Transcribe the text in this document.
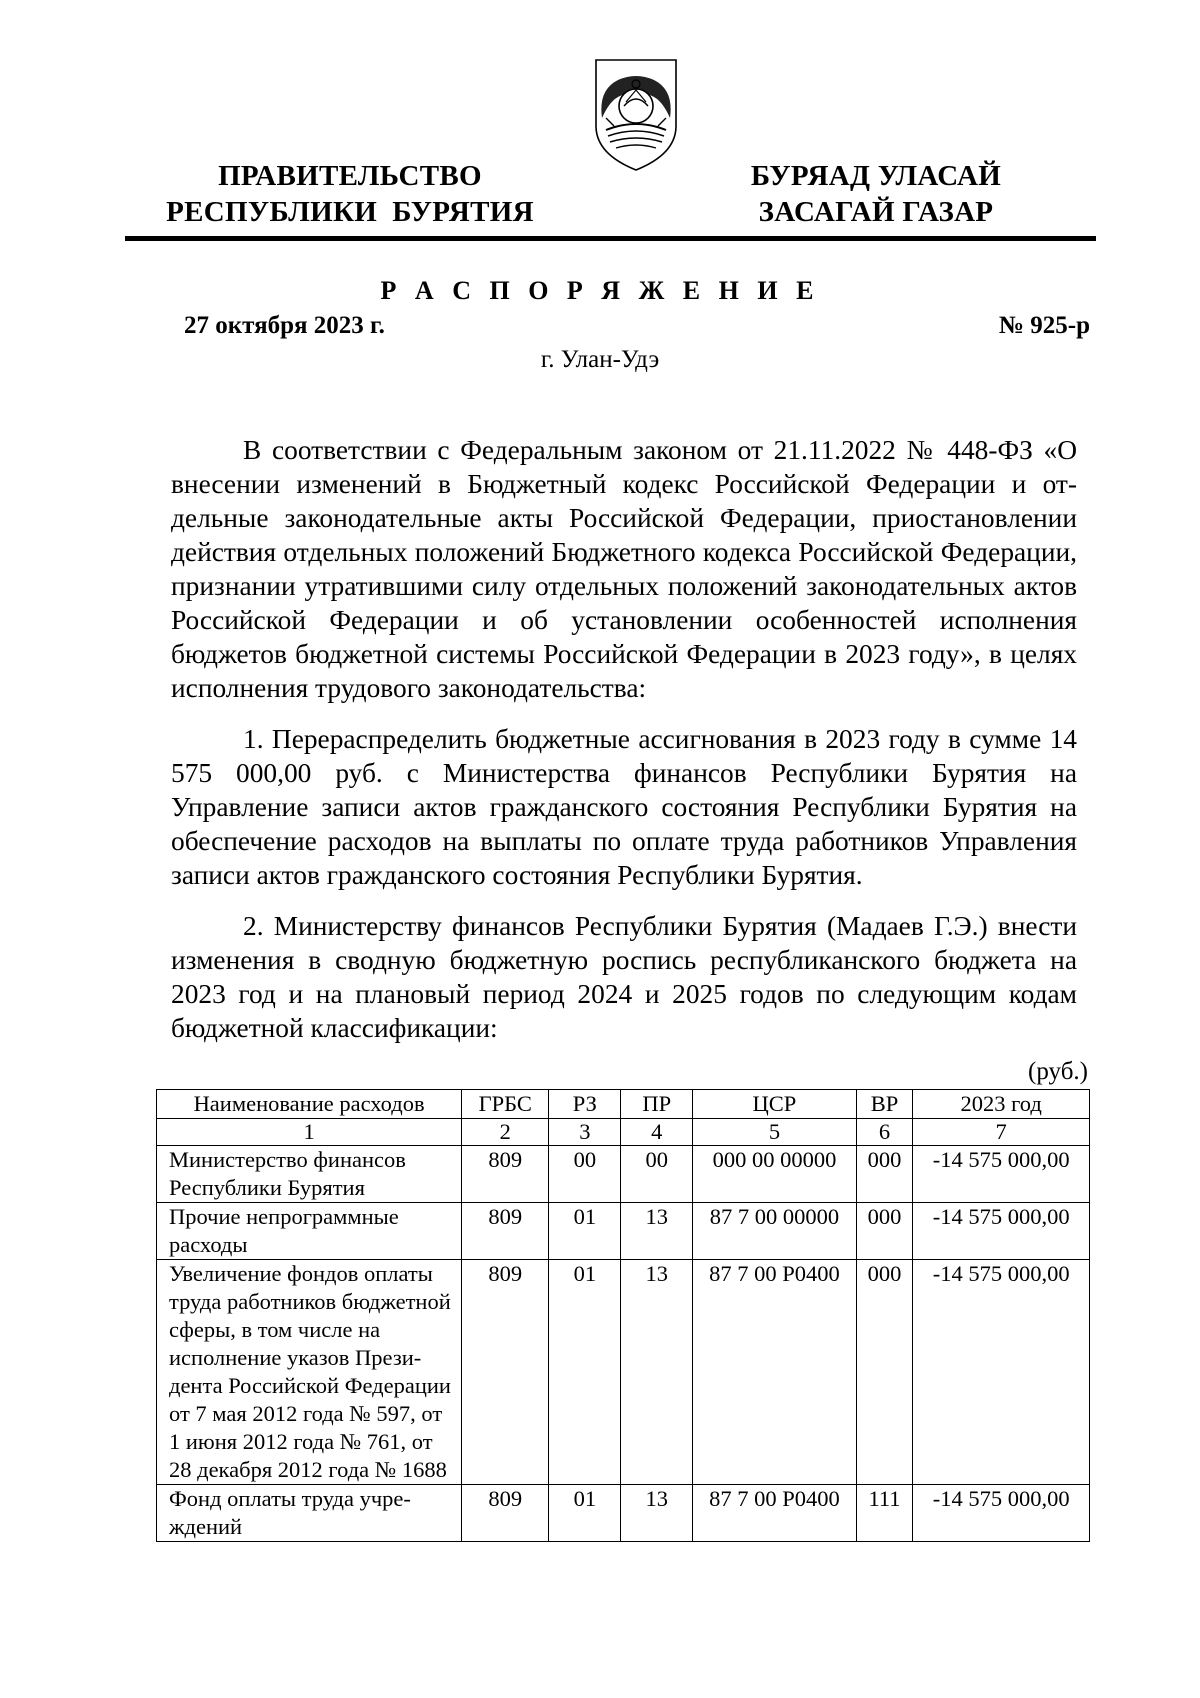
ПРАВИТЕЛЬСТВО
РЕСПУБЛИКИ  БУРЯТИЯ
БУРЯАД УЛАСАЙ
ЗАСАГАЙ ГАЗАР
Р А С П О Р Я Ж Е Н И Е
27 октября 2023 г.	№ 925-р
г. Улан-Удэ

В соответствии с Федеральным законом от 21.11.2022 № 448-ФЗ «О внесении изменений в Бюджетный кодекс Российской Федерации и отдельные законодательные акты Российской Федерации, приостановлении действия отдельных положений Бюджетного кодекса Российской Федерации, признании утратившими силу отдельных положений законодательных актов Российской Федерации и об установлении особенностей исполнения бюджетов бюджетной системы Российской Федерации в 2023 году», в целях исполнения трудового законодательства:

1. Перераспределить бюджетные ассигнования в 2023 году в сумме 14 575 000,00 руб. с Министерства финансов Республики Бурятия на Управление записи актов гражданского состояния Республики Бурятия на обеспечение расходов на выплаты по оплате труда работников Управления записи актов гражданского состояния Республики Бурятия.

2. Министерству финансов Республики Бурятия (Мадаев Г.Э.) внести изменения в сводную бюджетную роспись республиканского бюджета на 2023 год и на плановый период 2024 и 2025 годов по следующим кодам бюджетной классификации:

(руб.)
Наименование расходов	ГРБС	РЗ	ПР	ЦСР	ВР	2023 год
1	2	3	4	5	6	7
Министерство финансов Республики Бурятия	809	00	00	000 00 00000	000	-14 575 000,00
Прочие непрограммные расходы	809	01	13	87 7 00 00000	000	-14 575 000,00
Увеличение фондов оплаты труда работников бюджетной сферы, в том числе на исполнение указов Президента Российской Федерации от 7 мая 2012 года № 597, от 1 июня 2012 года № 761, от 28 декабря 2012 года № 1688	809	01	13	87 7 00 Р0400	000	-14 575 000,00
Фонд оплаты труда учреждений	809	01	13	87 7 00 Р0400	111	-14 575 000,00
